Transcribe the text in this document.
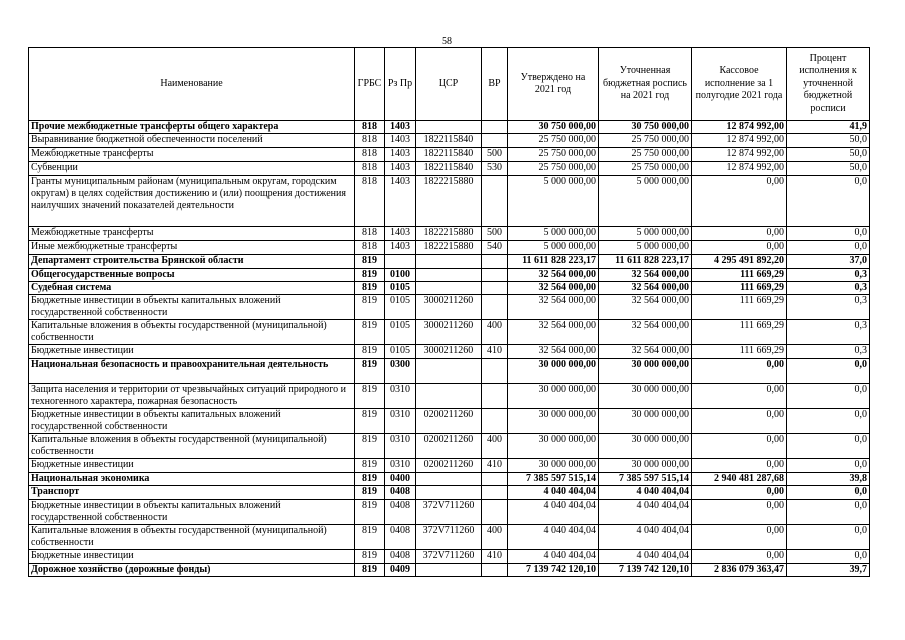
58
Наименование	ГРБС	Рз Пр	ЦСР	ВР	Утверждено на 2021 год	Уточненная бюджетная роспись на 2021 год	Кассовое исполнение за 1 полугодие 2021 года	Процент исполнения к уточненной бюджетной росписи
Прочие межбюджетные трансферты общего характера	818	1403			30 750 000,00	30 750 000,00	12 874 992,00	41,9
Выравнивание бюджетной обеспеченности поселений	818	1403	1822115840		25 750 000,00	25 750 000,00	12 874 992,00	50,0
Межбюджетные трансферты	818	1403	1822115840	500	25 750 000,00	25 750 000,00	12 874 992,00	50,0
Субвенции	818	1403	1822115840	530	25 750 000,00	25 750 000,00	12 874 992,00	50,0
Гранты муниципальным районам (муниципальным округам, городским округам) в целях содействия достижению и (или) поощрения достижения наилучших значений показателей деятельности	818	1403	1822215880		5 000 000,00	5 000 000,00	0,00	0,0
Межбюджетные трансферты	818	1403	1822215880	500	5 000 000,00	5 000 000,00	0,00	0,0
Иные межбюджетные трансферты	818	1403	1822215880	540	5 000 000,00	5 000 000,00	0,00	0,0
Департамент строительства Брянской области	819				11 611 828 223,17	11 611 828 223,17	4 295 491 892,20	37,0
Общегосударственные вопросы	819	0100			32 564 000,00	32 564 000,00	111 669,29	0,3
Судебная система	819	0105			32 564 000,00	32 564 000,00	111 669,29	0,3
Бюджетные инвестиции в объекты капитальных вложений государственной собственности	819	0105	3000211260		32 564 000,00	32 564 000,00	111 669,29	0,3
Капитальные вложения в объекты государственной (муниципальной) собственности	819	0105	3000211260	400	32 564 000,00	32 564 000,00	111 669,29	0,3
Бюджетные инвестиции	819	0105	3000211260	410	32 564 000,00	32 564 000,00	111 669,29	0,3
Национальная безопасность и правоохранительная деятельность	819	0300			30 000 000,00	30 000 000,00	0,00	0,0
Защита населения и территории от чрезвычайных ситуаций природного и техногенного характера, пожарная безопасность	819	0310			30 000 000,00	30 000 000,00	0,00	0,0
Бюджетные инвестиции в объекты капитальных вложений государственной собственности	819	0310	0200211260		30 000 000,00	30 000 000,00	0,00	0,0
Капитальные вложения в объекты государственной (муниципальной) собственности	819	0310	0200211260	400	30 000 000,00	30 000 000,00	0,00	0,0
Бюджетные инвестиции	819	0310	0200211260	410	30 000 000,00	30 000 000,00	0,00	0,0
Национальная экономика	819	0400			7 385 597 515,14	7 385 597 515,14	2 940 481 287,68	39,8
Транспорт	819	0408			4 040 404,04	4 040 404,04	0,00	0,0
Бюджетные инвестиции в объекты капитальных вложений государственной собственности	819	0408	372V711260		4 040 404,04	4 040 404,04	0,00	0,0
Капитальные вложения в объекты государственной (муниципальной) собственности	819	0408	372V711260	400	4 040 404,04	4 040 404,04	0,00	0,0
Бюджетные инвестиции	819	0408	372V711260	410	4 040 404,04	4 040 404,04	0,00	0,0
Дорожное хозяйство (дорожные фонды)	819	0409			7 139 742 120,10	7 139 742 120,10	2 836 079 363,47	39,7
